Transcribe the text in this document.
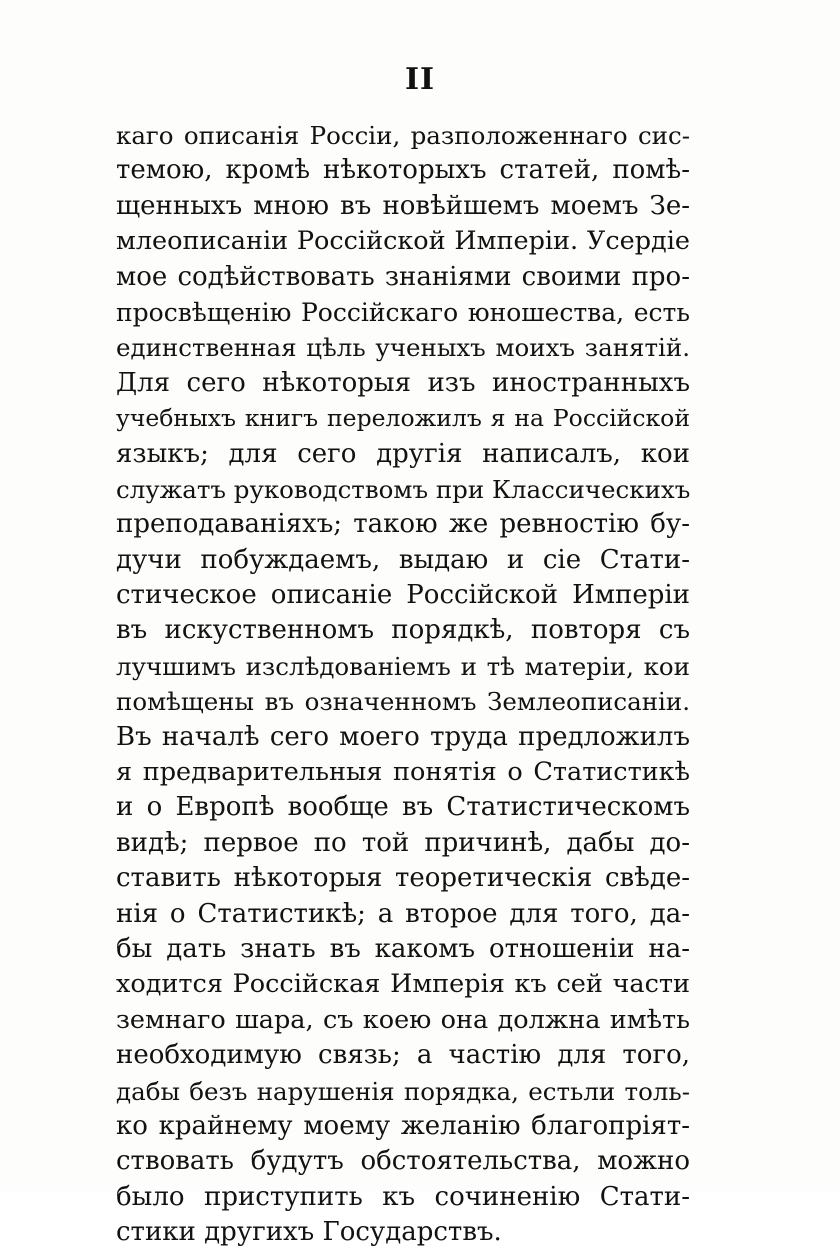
II
каго описанія Россіи, разположеннаго сис-
темою, кромѣ нѣкоторыхъ статей, помѣ-
щенныхъ мною въ новѣйшемъ моемъ Зе-
млеописаніи Россійской Имперіи. Усердіе
мое содѣйствовать знаніями своими про-
просвѣщенію Россійскаго юношества, есть
единственная цѣль ученыхъ моихъ занятій.
Для сего нѣкоторыя изъ иностранныхъ
учебныхъ книгъ переложилъ я на Россійской
языкъ; для сего другія написалъ, кои
служатъ руководствомъ при Классическихъ
преподаваніяхъ; такою же ревностію бу-
дучи побуждаемъ, выдаю и сіе Стати-
стическое описаніе Россійской Имперіи
въ искуственномъ порядкѣ, повторя съ
лучшимъ изслѣдованіемъ и тѣ матеріи, кои
помѣщены въ означенномъ Землеописаніи.
Въ началѣ сего моего труда предложилъ
я предварительныя понятія о Статистикѣ
и о Европѣ вообще въ Статистическомъ
видѣ; первое по той причинѣ, дабы до-
ставить нѣкоторыя теоретическія свѣде-
нія о Статистикѣ; а второе для того, да-
бы дать знать въ какомъ отношеніи на-
ходится Россійская Имперія къ сей части
земнаго шара, съ коею она должна имѣть
необходимую связь; а частію для того,
дабы безъ нарушенія порядка, естьли толь-
ко крайнему моему желанію благопріят-
ствовать будутъ обстоятельства, можно
было приступить къ сочиненію Стати-
стики другихъ Государствъ.
